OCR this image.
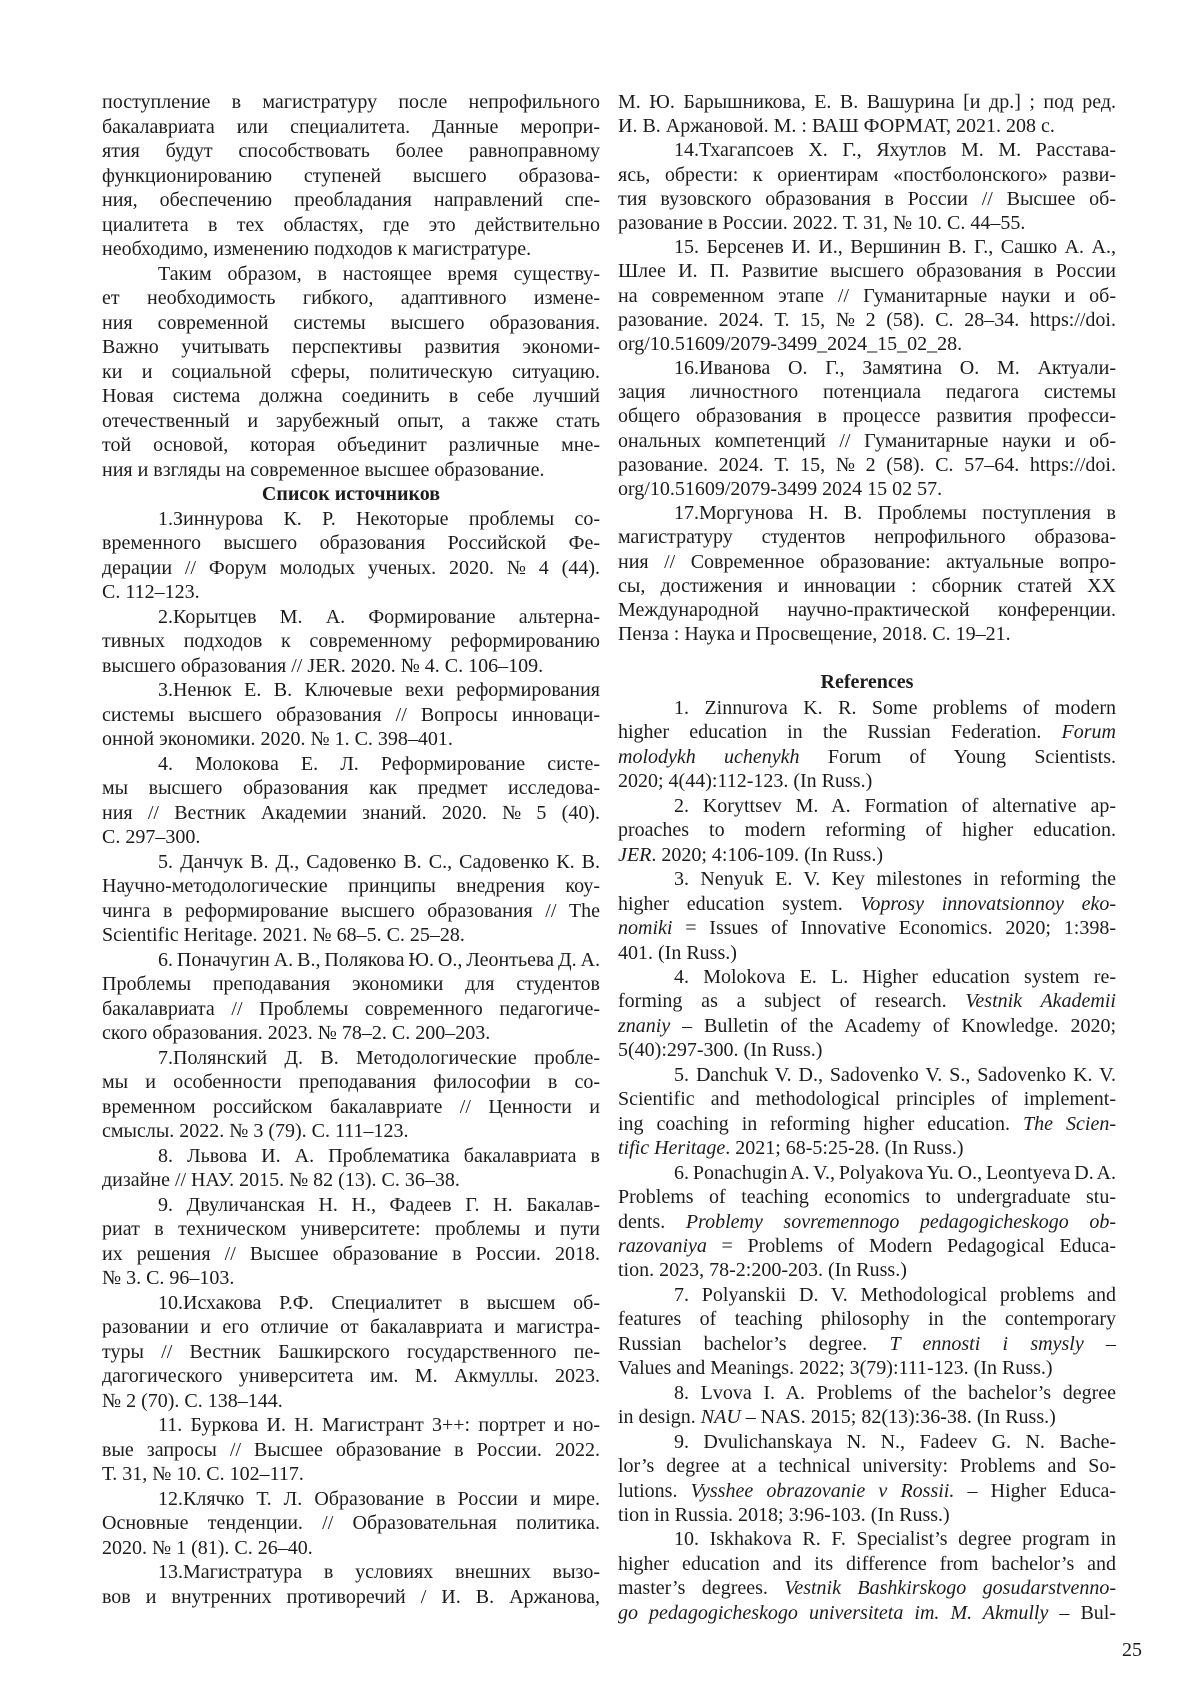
поступление в магистратуру после непрофильного
бакалавриата или специалитета. Данные меропри-
ятия будут способствовать более равноправному
функционированию ступеней высшего образова-
ния, обеспечению преобладания направлений спе-
циалитета в тех областях, где это действительно
необходимо, изменению подходов к магистратуре.
Таким образом, в настоящее время существу-
ет необходимость гибкого, адаптивного измене-
ния современной системы высшего образования.
Важно учитывать перспективы развития экономи-
ки и социальной сферы, политическую ситуацию.
Новая система должна соединить в себе лучший
отечественный и зарубежный опыт, а также стать
той основой, которая объединит различные мне-
ния и взгляды на современное высшее образование.
Список источников
1.Зиннурова К. Р. Некоторые проблемы со-
временного высшего образования Российской Фе-
дерации // Форум молодых ученых. 2020. № 4 (44).
С. 112–123.
2.Корытцев М. А. Формирование альтерна-
тивных подходов к современному реформированию
высшего образования // JER. 2020. № 4. С. 106–109.
3.Ненюк Е. В. Ключевые вехи реформирования
системы высшего образования // Вопросы инноваци-
онной экономики. 2020. № 1. С. 398–401.
4. Молокова Е. Л. Реформирование систе-
мы высшего образования как предмет исследова-
ния // Вестник Академии знаний. 2020. № 5 (40).
С. 297–300.
5. Данчук В. Д., Садовенко В. С., Садовенко К. В.
Научно-методологические принципы внедрения коу-
чинга в реформирование высшего образования // The
Scientific Heritage. 2021. № 68–5. С. 25–28.
6. Поначугин А. В., Полякова Ю. О., Леонтьева Д. А.
Проблемы преподавания экономики для студентов
бакалавриата // Проблемы современного педагогиче-
ского образования. 2023. № 78–2. С. 200–203.
7.Полянский Д. В. Методологические пробле-
мы и особенности преподавания философии в со-
временном российском бакалавриате // Ценности и
смыслы. 2022. № 3 (79). С. 111–123.
8. Львова И. А. Проблематика бакалавриата в
дизайне // НАУ. 2015. № 82 (13). С. 36–38.
9. Двуличанская Н. Н., Фадеев Г. Н. Бакалав-
риат в техническом университете: проблемы и пути
их решения // Высшее образование в России. 2018.
№ 3. С. 96–103.
10.Исхакова Р.Ф. Специалитет в высшем об-
разовании и его отличие от бакалавриата и магистра-
туры // Вестник Башкирского государственного пе-
дагогического университета им. М. Акмуллы. 2023.
№ 2 (70). С. 138–144.
11. Буркова И. Н. Магистрант 3++: портрет и но-
вые запросы // Высшее образование в России. 2022.
Т. 31, № 10. С. 102–117.
12.Клячко Т. Л. Образование в России и мире.
Основные тенденции. // Образовательная политика.
2020. № 1 (81). С. 26–40.
13.Магистратура в условиях внешних вызо-
вов и внутренних противоречий / И. В. Аржанова,
М. Ю. Барышникова, Е. В. Вашурина [и др.] ; под ред.
И. В. Аржановой. М. : ВАШ ФОРМАТ, 2021. 208 с.
14.Тхагапсоев Х. Г., Яхутлов М. М. Расстава-
ясь, обрести: к ориентирам «постболонского» разви-
тия вузовского образования в России // Высшее об-
разование в России. 2022. Т. 31, № 10. С. 44–55.
15. Берсенев И. И., Вершинин В. Г., Сашко А. А.,
Шлее И. П. Развитие высшего образования в России
на современном этапе // Гуманитарные науки и об-
разование. 2024. Т. 15, № 2 (58). С. 28–34. https://doi.
org/10.51609/2079-3499_2024_15_02_28.
16.Иванова О. Г., Замятина О. М. Актуали-
зация личностного потенциала педагога системы
общего образования в процессе развития професси-
ональных компетенций // Гуманитарные науки и об-
разование. 2024. Т. 15, № 2 (58). С. 57–64. https://doi.
org/10.51609/2079-3499 2024 15 02 57.
17.Моргунова Н. В. Проблемы поступления в
магистратуру студентов непрофильного образова-
ния // Современное образование: актуальные вопро-
сы, достижения и инновации : сборник статей XX
Международной научно-практической конференции.
Пенза : Наука и Просвещение, 2018. С. 19–21.
References
1. Zinnurova K. R. Some problems of modern
higher education in the Russian Federation. Forum
molodykh uchenykh Forum of Young Scientists.
2020; 4(44):112-123. (In Russ.)
2. Koryttsev M. A. Formation of alternative ap-
proaches to modern reforming of higher education.
JER. 2020; 4:106-109. (In Russ.)
3. Nenyuk E. V. Key milestones in reforming the
higher education system. Voprosy innovatsionnoy eko-
nomiki = Issues of Innovative Economics. 2020; 1:398-
401. (In Russ.)
4. Molokova E. L. Higher education system re-
forming as a subject of research. Vestnik Akademii
znaniy – Bulletin of the Academy of Knowledge. 2020;
5(40):297-300. (In Russ.)
5. Danchuk V. D., Sadovenko V. S., Sadovenko K. V.
Scientific and methodological principles of implement-
ing coaching in reforming higher education. The Scien-
tific Heritage. 2021; 68-5:25-28. (In Russ.)
6. Ponachugin A. V., Polyakova Yu. O., Leontyeva D. A.
Problems of teaching economics to undergraduate stu-
dents. Problemy sovremennogo pedagogicheskogo ob-
razovaniya = Problems of Modern Pedagogical Educa-
tion. 2023, 78-2:200-203. (In Russ.)
7. Polyanskii D. V. Methodological problems and
features of teaching philosophy in the contemporary
Russian bachelor’s degree. T ennosti i smysly –
Values and Meanings. 2022; 3(79):111-123. (In Russ.)
8. Lvova I. A. Problems of the bachelor’s degree
in design. NAU – NAS. 2015; 82(13):36-38. (In Russ.)
9. Dvulichanskaya N. N., Fadeev G. N. Bache-
lor’s degree at a technical university: Problems and So-
lutions. Vysshee obrazovanie v Rossii. – Higher Educa-
tion in Russia. 2018; 3:96-103. (In Russ.)
10. Iskhakova R. F. Specialist’s degree program in
higher education and its difference from bachelor’s and
master’s degrees. Vestnik Bashkirskogo gosudarstvenno-
go pedagogicheskogo universiteta im. M. Akmully – Bul-
25
